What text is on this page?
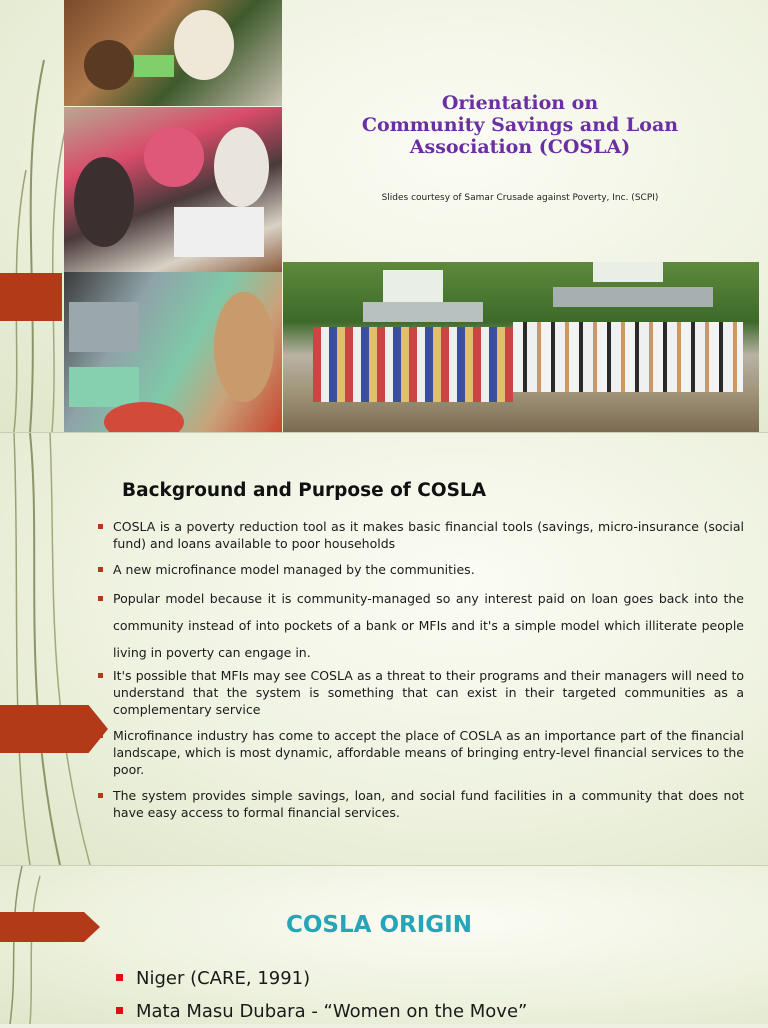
Orientation on
Community Savings and Loan
Association (COSLA)
Slides courtesy of Samar Crusade against Poverty, Inc. (SCPI)
Background and Purpose of COSLA
COSLA is a poverty reduction tool as it makes basic financial tools (savings, micro-insurance (social fund) and loans available to poor households
A new microfinance model managed by the communities.
Popular model because it is community-managed so any interest paid on loan goes back into the community instead of into pockets of a bank or MFIs and it's a simple model which illiterate people living in poverty can engage in.
It's possible that MFIs may see COSLA as a threat to their programs and their managers will need to understand that the system is something that can exist in their targeted communities as a complementary service
Microfinance industry has come to accept the place of COSLA as an importance part of the financial landscape, which is most dynamic, affordable means of bringing entry-level financial services to the poor.
The system provides simple savings, loan, and social fund facilities in a community that does not have easy access to formal financial services.
COSLA ORIGIN
Niger (CARE, 1991)
Mata Masu Dubara - “Women on the Move”
